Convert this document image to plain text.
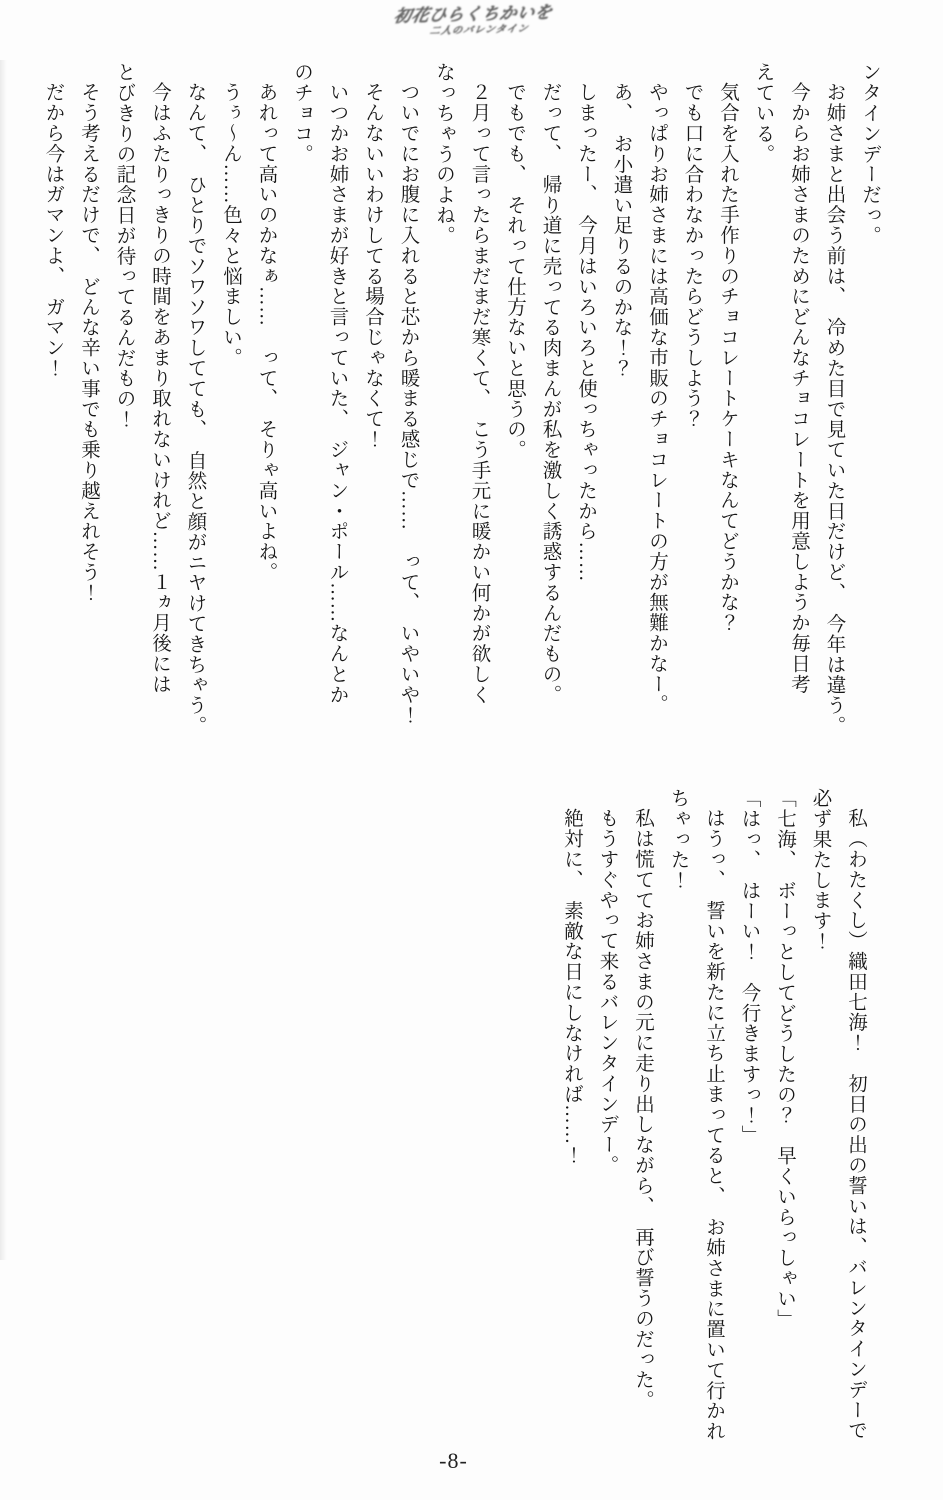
初花ひらくちかいを
二人のバレンタイン

ンタインデーだっ。

お姉さまと出会う前は、　冷めた目で見ていた日だけど、　今年は違う。

今からお姉さまのためにどんなチョコレートを用意しようか毎日考

えている。

気合を入れた手作りのチョコレートケーキなんてどうかな？

でも口に合わなかったらどうしよう？

やっぱりお姉さまには高価な市販のチョコレートの方が無難かなー。

あ、　お小遣い足りるのかな！？

しまったー、　今月はいろいろと使っちゃったから……

だって、　帰り道に売ってる肉まんが私を激しく誘惑するんだもの。

でもでも、　それって仕方ないと思うの。

２月って言ったらまだまだ寒くて、　こう手元に暖かい何かが欲しく

なっちゃうのよね。

ついでにお腹に入れると芯から暖まる感じで……　って、　いやいや！

そんないいわけしてる場合じゃなくて！

いつかお姉さまが好きと言っていた、　ジャン・ポール……なんとか

のチョコ。

あれって高いのかなぁ……　って、　そりゃ高いよね。

うぅ〜ん……色々と悩ましい。

なんて、　ひとりでソワソワしてても、　自然と顔がニヤけてきちゃう。

今はふたりっきりの時間をあまり取れないけれど……１ヵ月後には

とびきりの記念日が待ってるんだもの！

そう考えるだけで、　どんな辛い事でも乗り越えれそう！

だから今はガマンよ、　ガマン！

私（わたくし）織田七海！　初日の出の誓いは、バレンタインデーで

必ず果たします！

「七海、　ボーっとしてどうしたの？　早くいらっしゃい」

「はっ、　はーい！　今行きますっ！」

はうっ、　誓いを新たに立ち止まってると、　お姉さまに置いて行かれ

ちゃった！

私は慌ててお姉さまの元に走り出しながら、　再び誓うのだった。

もうすぐやって来るバレンタインデー。

絶対に、　素敵な日にしなければ……！

-8-
